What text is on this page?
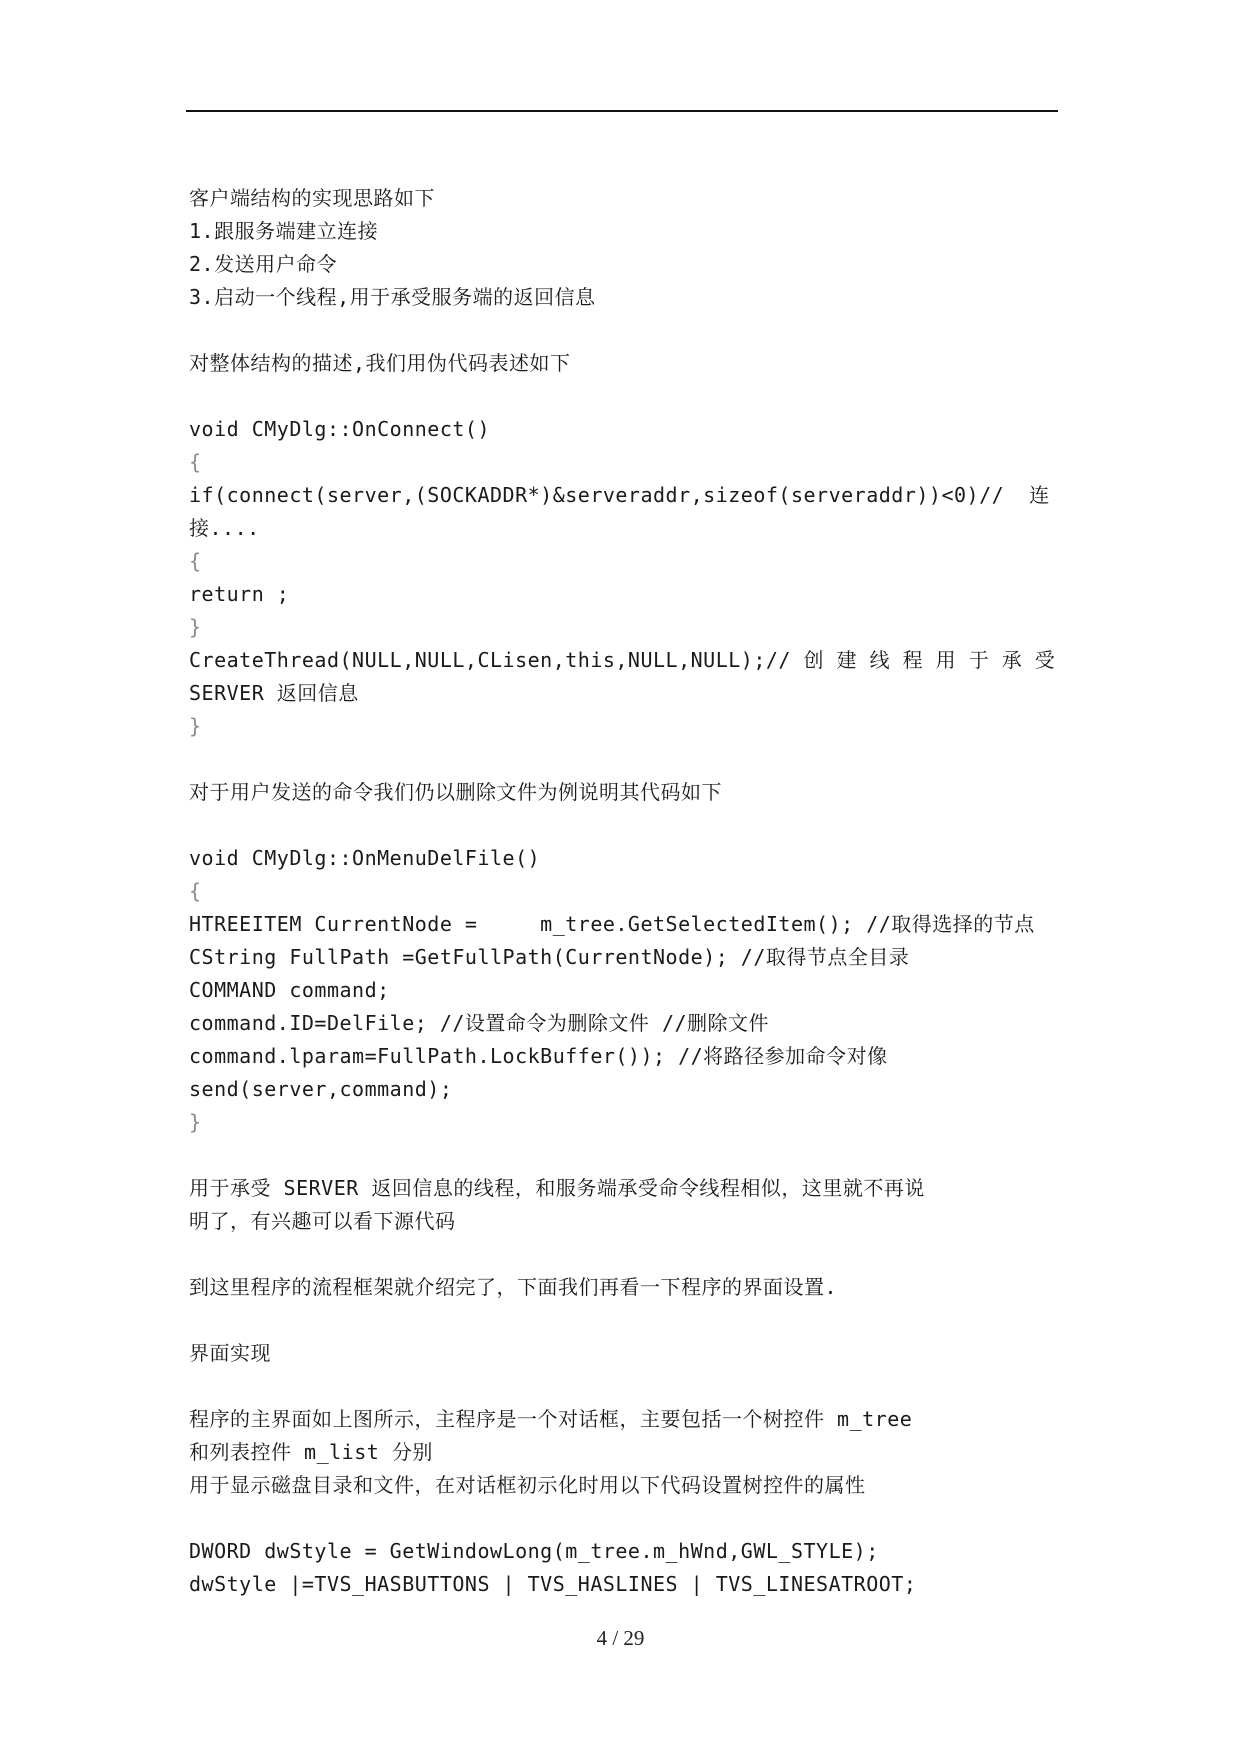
客户端结构的实现思路如下
1.跟服务端建立连接
2.发送用户命令
3.启动一个线程,用于承受服务端的返回信息
对整体结构的描述,我们用伪代码表述如下
void CMyDlg::OnConnect()
{
if(connect(server,(SOCKADDR*)&serveraddr,sizeof(serveraddr))<0)//  连
接....
{
return ;
}
CreateThread(NULL,NULL,CLisen,this,NULL,NULL);// 创 建 线 程 用 于 承 受
SERVER 返回信息
}
对于用户发送的命令我们仍以删除文件为例说明其代码如下
void CMyDlg::OnMenuDelFile()
{
HTREEITEM CurrentNode =     m_tree.GetSelectedItem(); //取得选择的节点
CString FullPath =GetFullPath(CurrentNode); //取得节点全目录
COMMAND command;
command.ID=DelFile; //设置命令为删除文件 //删除文件
command.lparam=FullPath.LockBuffer()); //将路径参加命令对像
send(server,command);
}
用于承受 SERVER 返回信息的线程，和服务端承受命令线程相似，这里就不再说
明了，有兴趣可以看下源代码
到这里程序的流程框架就介绍完了，下面我们再看一下程序的界面设置.
界面实现
程序的主界面如上图所示，主程序是一个对话框，主要包括一个树控件 m_tree
和列表控件 m_list 分别
用于显示磁盘目录和文件，在对话框初示化时用以下代码设置树控件的属性
DWORD dwStyle = GetWindowLong(m_tree.m_hWnd,GWL_STYLE);
dwStyle |=TVS_HASBUTTONS | TVS_HASLINES | TVS_LINESATROOT;
4 / 29
